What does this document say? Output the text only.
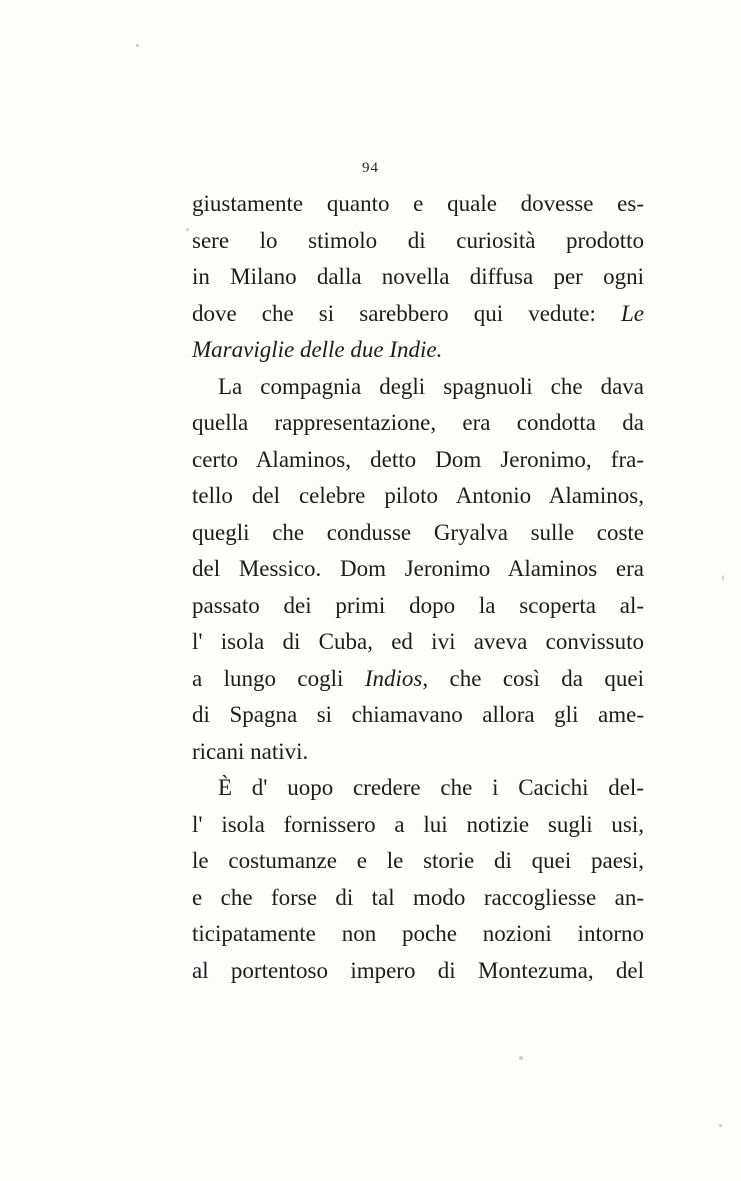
94
giustamente quanto e quale dovesse es-
sere lo stimolo di curiosità prodotto
in Milano dalla novella diffusa per ogni
dove che si sarebbero qui vedute: Le
Maraviglie delle due Indie.
La compagnia degli spagnuoli che dava
quella rappresentazione, era condotta da
certo Alaminos, detto Dom Jeronimo, fra-
tello del celebre piloto Antonio Alaminos,
quegli che condusse Gryalva sulle coste
del Messico. Dom Jeronimo Alaminos era
passato dei primi dopo la scoperta al-
l' isola di Cuba, ed ivi aveva convissuto
a lungo cogli Indios, che così da quei
di Spagna si chiamavano allora gli ame-
ricani nativi.
È d' uopo credere che i Cacichi del-
l' isola fornissero a lui notizie sugli usi,
le costumanze e le storie di quei paesi,
e che forse di tal modo raccogliesse an-
ticipatamente non poche nozioni intorno
al portentoso impero di Montezuma, del
